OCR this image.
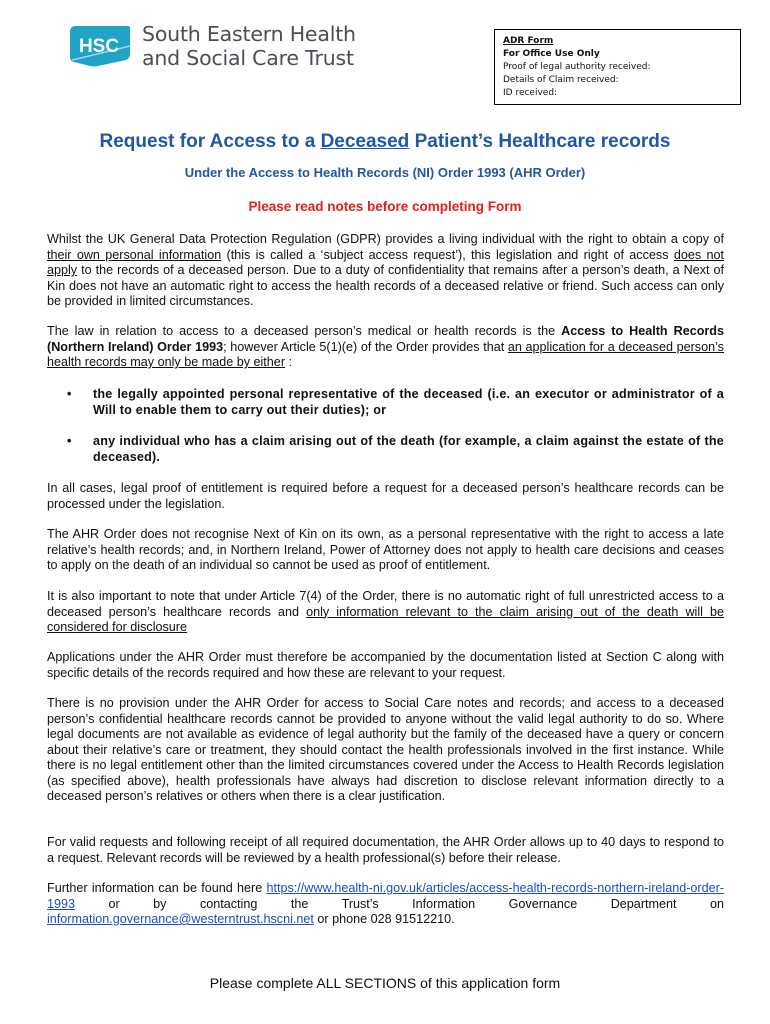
HSC
South Eastern Health
and Social Care Trust
ADR Form
For Office Use Only
Proof of legal authority received:
Details of Claim received:
ID received:
Request for Access to a Deceased Patient’s Healthcare records
Under the Access to Health Records (NI) Order 1993 (AHR Order)
Please read notes before completing Form

Whilst the UK General Data Protection Regulation (GDPR) provides a living individual with the right to obtain a copy of their own personal information (this is called a ‘subject access request’), this legislation and right of access does not apply to the records of a deceased person. Due to a duty of confidentiality that remains after a person’s death, a Next of Kin does not have an automatic right to access the health records of a deceased relative or friend. Such access can only be provided in limited circumstances.

The law in relation to access to a deceased person’s medical or health records is the Access to Health Records (Northern Ireland) Order 1993; however Article 5(1)(e) of the Order provides that an application for a deceased person’s health records may only be made by either :

• the legally appointed personal representative of the deceased (i.e. an executor or administrator of a Will to enable them to carry out their duties); or
• any individual who has a claim arising out of the death (for example, a claim against the estate of the deceased).

In all cases, legal proof of entitlement is required before a request for a deceased person’s healthcare records can be processed under the legislation.

The AHR Order does not recognise Next of Kin on its own, as a personal representative with the right to access a late relative’s health records; and, in Northern Ireland, Power of Attorney does not apply to health care decisions and ceases to apply on the death of an individual so cannot be used as proof of entitlement.

It is also important to note that under Article 7(4) of the Order, there is no automatic right of full unrestricted access to a deceased person’s healthcare records and only information relevant to the claim arising out of the death will be considered for disclosure

Applications under the AHR Order must therefore be accompanied by the documentation listed at Section C along with specific details of the records required and how these are relevant to your request.

There is no provision under the AHR Order for access to Social Care notes and records; and access to a deceased person’s confidential healthcare records cannot be provided to anyone without the valid legal authority to do so. Where legal documents are not available as evidence of legal authority but the family of the deceased have a query or concern about their relative’s care or treatment, they should contact the health professionals involved in the first instance. While there is no legal entitlement other than the limited circumstances covered under the Access to Health Records legislation (as specified above), health professionals have always had discretion to disclose relevant information directly to a deceased person’s relatives or others when there is a clear justification.

For valid requests and following receipt of all required documentation, the AHR Order allows up to 40 days to respond to a request. Relevant records will be reviewed by a health professional(s) before their release.

Further information can be found here https://www.health-ni.gov.uk/articles/access-health-records-northern-ireland-order-1993 or by contacting the Trust’s Information Governance Department on information.governance@westerntrust.hscni.net or phone 028 91512210.

Please complete ALL SECTIONS of this application form
